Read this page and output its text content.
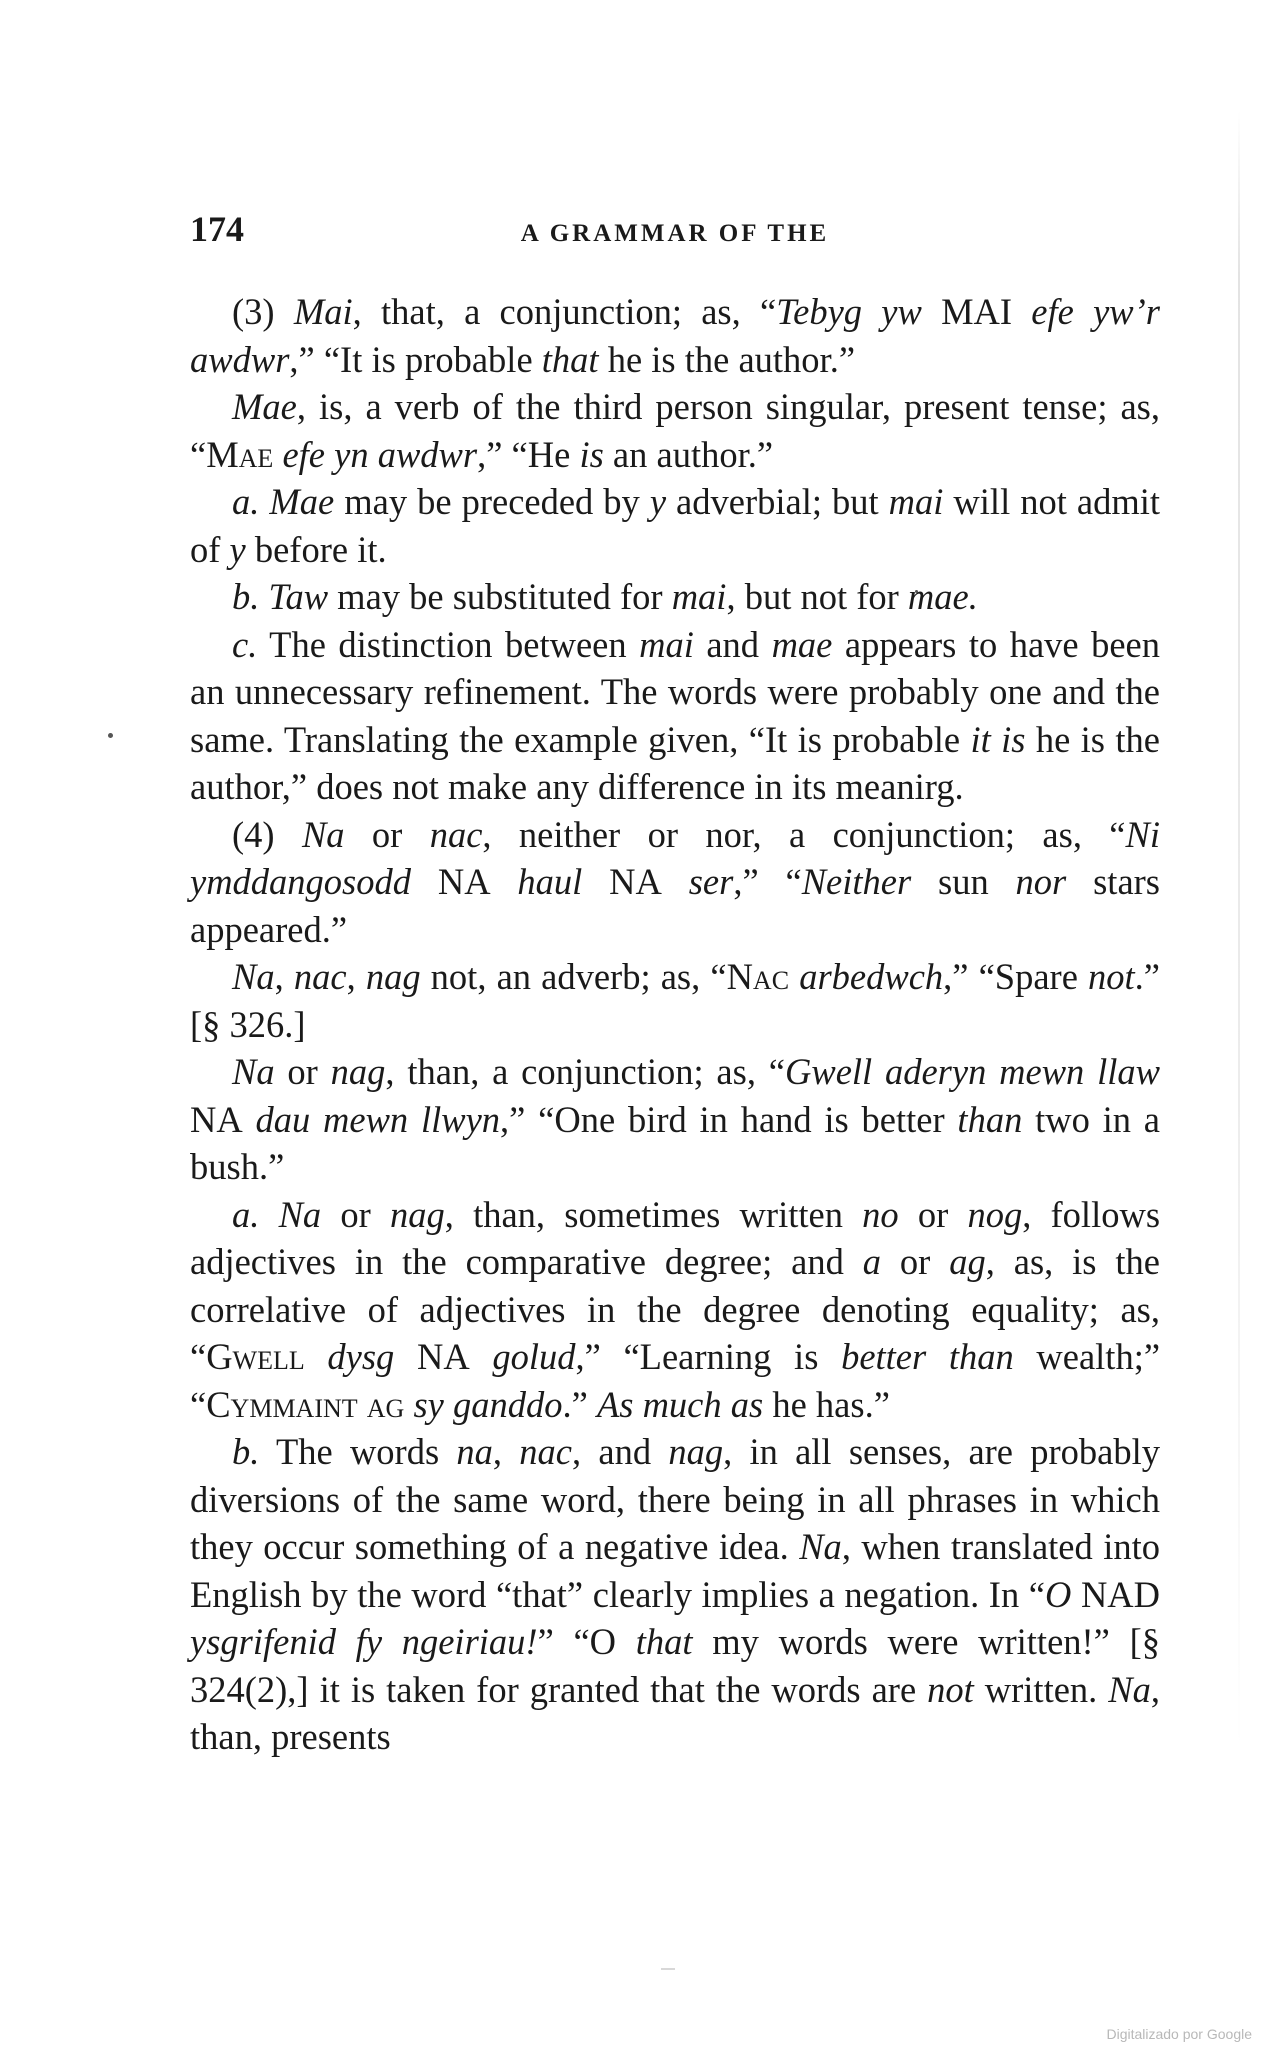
174	A GRAMMAR OF THE

(3) Mai, that, a conjunction; as, “Tebyg yw MAI efe yw’r awdwr,” “It is probable that he is the author.”

Mae, is, a verb of the third person singular, present tense; as, “Mae efe yn awdwr,” “He is an author.”

a. Mae may be preceded by y adverbial; but mai will not admit of y before it.

b. Taw may be substituted for mai, but not for mae.

c. The distinction between mai and mae appears to have been an unnecessary refinement. The words were probably one and the same. Translating the example given, “It is probable it is he is the author,” does not make any difference in its meanirg.

(4) Na or nac, neither or nor, a conjunction; as, “Ni ymddangosodd NA haul NA ser,” “Neither sun nor stars appeared.”

Na, nac, nag not, an adverb; as, “Nac arbedwch,” “Spare not.” [§ 326.]

Na or nag, than, a conjunction; as, “Gwell aderyn mewn llaw NA dau mewn llwyn,” “One bird in hand is better than two in a bush.”

a. Na or nag, than, sometimes written no or nog, follows adjectives in the comparative degree; and a or ag, as, is the correlative of adjectives in the degree denoting equality; as, “Gwell dysg NA golud,” “Learning is better than wealth;” “Cymmaint ag sy ganddo.” As much as he has.”

b. The words na, nac, and nag, in all senses, are probably diversions of the same word, there being in all phrases in which they occur something of a negative idea. Na, when translated into English by the word “that” clearly implies a negation. In “O NAD ysgrifenid fy ngeiriau!” “O that my words were written!” [§ 324(2),] it is taken for granted that the words are not written. Na, than, presents

Digitalizado por Google
